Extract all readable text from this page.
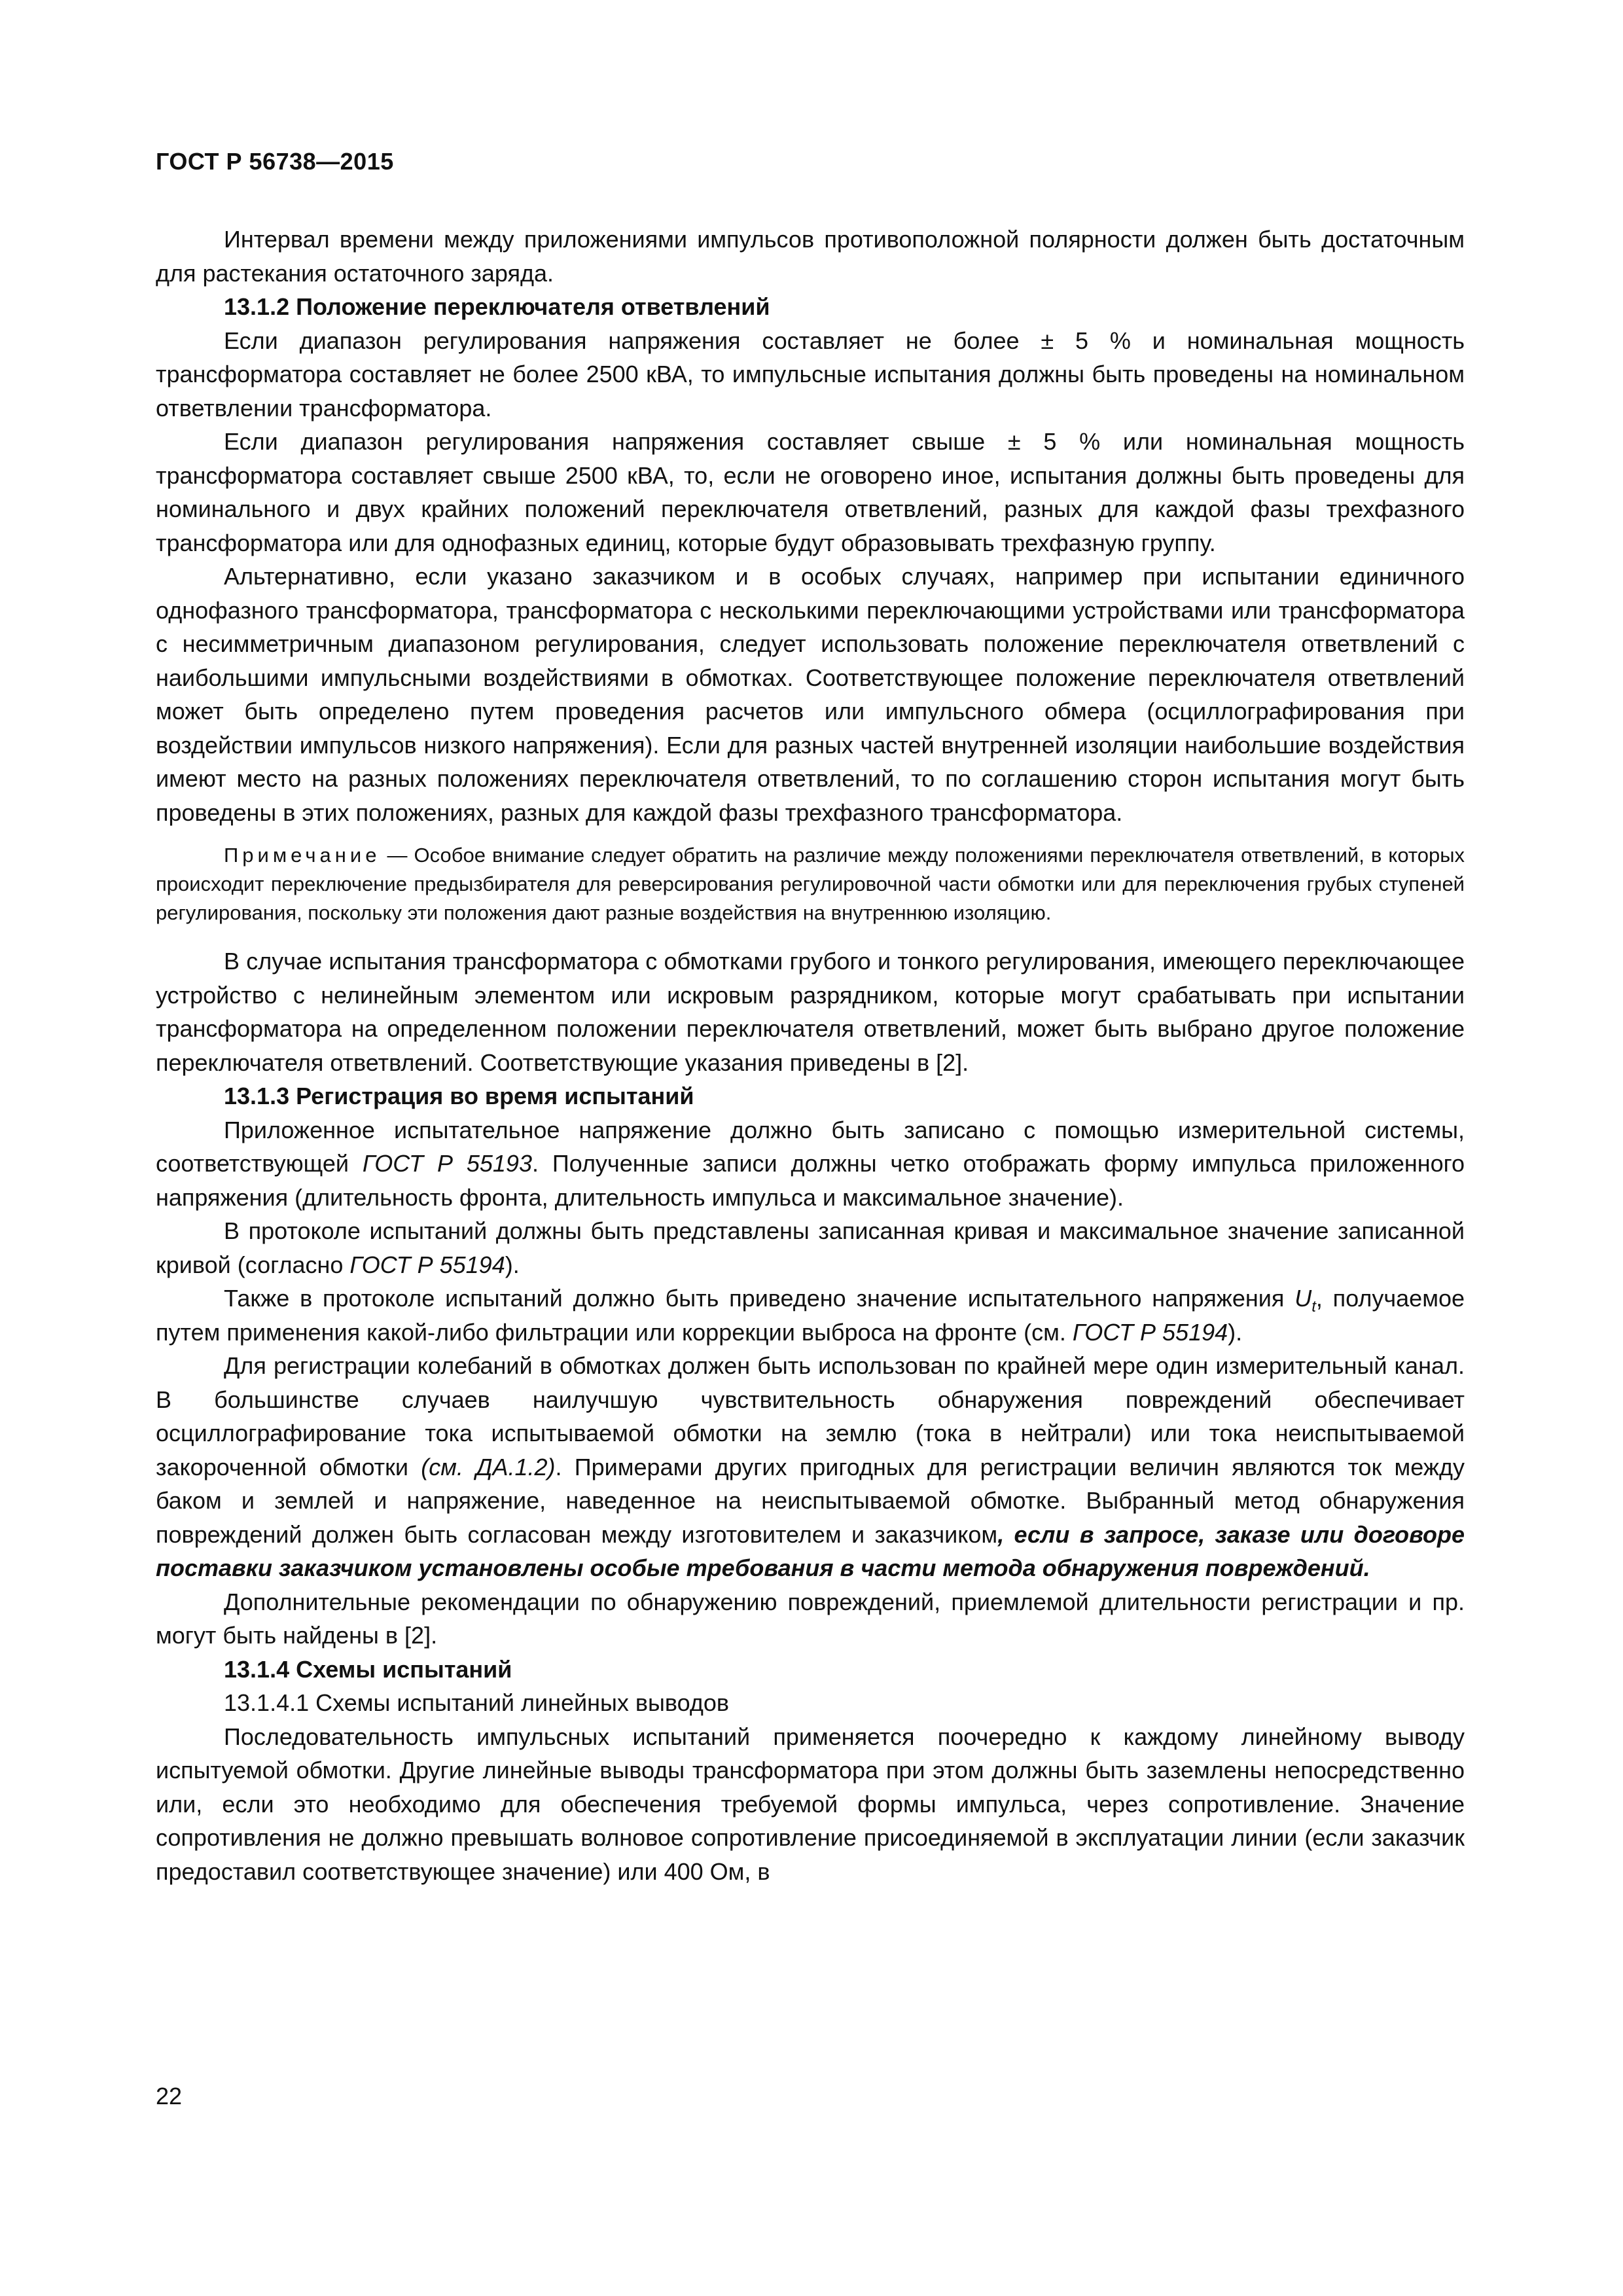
ГОСТ Р 56738—2015

Интервал времени между приложениями импульсов противоположной полярности должен быть достаточным для растекания остаточного заряда.

13.1.2 Положение переключателя ответвлений

Если диапазон регулирования напряжения составляет не более ± 5 % и номинальная мощность трансформатора составляет не более 2500 кВА, то импульсные испытания должны быть проведены на номинальном ответвлении трансформатора.

Если диапазон регулирования напряжения составляет свыше ± 5 % или номинальная мощность трансформатора составляет свыше 2500 кВА, то, если не оговорено иное, испытания должны быть проведены для номинального и двух крайних положений переключателя ответвлений, разных для каждой фазы трехфазного трансформатора или для однофазных единиц, которые будут образовывать трехфазную группу.

Альтернативно, если указано заказчиком и в особых случаях, например при испытании единичного однофазного трансформатора, трансформатора с несколькими переключающими устройствами или трансформатора с несимметричным диапазоном регулирования, следует использовать положение переключателя ответвлений с наибольшими импульсными воздействиями в обмотках. Соответствующее положение переключателя ответвлений может быть определено путем проведения расчетов или импульсного обмера (осциллографирования при воздействии импульсов низкого напряжения). Если для разных частей внутренней изоляции наибольшие воздействия имеют место на разных положениях переключателя ответвлений, то по соглашению сторон испытания могут быть проведены в этих положениях, разных для каждой фазы трехфазного трансформатора.

Примечание — Особое внимание следует обратить на различие между положениями переключателя ответвлений, в которых происходит переключение предызбирателя для реверсирования регулировочной части обмотки или для переключения грубых ступеней регулирования, поскольку эти положения дают разные воздействия на внутреннюю изоляцию.

В случае испытания трансформатора с обмотками грубого и тонкого регулирования, имеющего переключающее устройство с нелинейным элементом или искровым разрядником, которые могут срабатывать при испытании трансформатора на определенном положении переключателя ответвлений, может быть выбрано другое положение переключателя ответвлений. Соответствующие указания приведены в [2].

13.1.3 Регистрация во время испытаний

Приложенное испытательное напряжение должно быть записано с помощью измерительной системы, соответствующей ГОСТ Р 55193. Полученные записи должны четко отображать форму импульса приложенного напряжения (длительность фронта, длительность импульса и максимальное значение).

В протоколе испытаний должны быть представлены записанная кривая и максимальное значение записанной кривой (согласно ГОСТ Р 55194).

Также в протоколе испытаний должно быть приведено значение испытательного напряжения $U_t$, получаемое путем применения какой-либо фильтрации или коррекции выброса на фронте (см. ГОСТ Р 55194).

Для регистрации колебаний в обмотках должен быть использован по крайней мере один измерительный канал. В большинстве случаев наилучшую чувствительность обнаружения повреждений обеспечивает осциллографирование тока испытываемой обмотки на землю (тока в нейтрали) или тока неиспытываемой закороченной обмотки (см. ДА.1.2). Примерами других пригодных для регистрации величин являются ток между баком и землей и напряжение, наведенное на неиспытываемой обмотке. Выбранный метод обнаружения повреждений должен быть согласован между изготовителем и заказчиком, если в запросе, заказе или договоре поставки заказчиком установлены особые требования в части метода обнаружения повреждений.

Дополнительные рекомендации по обнаружению повреждений, приемлемой длительности регистрации и пр. могут быть найдены в [2].

13.1.4 Схемы испытаний

13.1.4.1 Схемы испытаний линейных выводов

Последовательность импульсных испытаний применяется поочередно к каждому линейному выводу испытуемой обмотки. Другие линейные выводы трансформатора при этом должны быть заземлены непосредственно или, если это необходимо для обеспечения требуемой формы импульса, через сопротивление. Значение сопротивления не должно превышать волновое сопротивление присоединяемой в эксплуатации линии (если заказчик предоставил соответствующее значение) или 400 Ом, в

22
